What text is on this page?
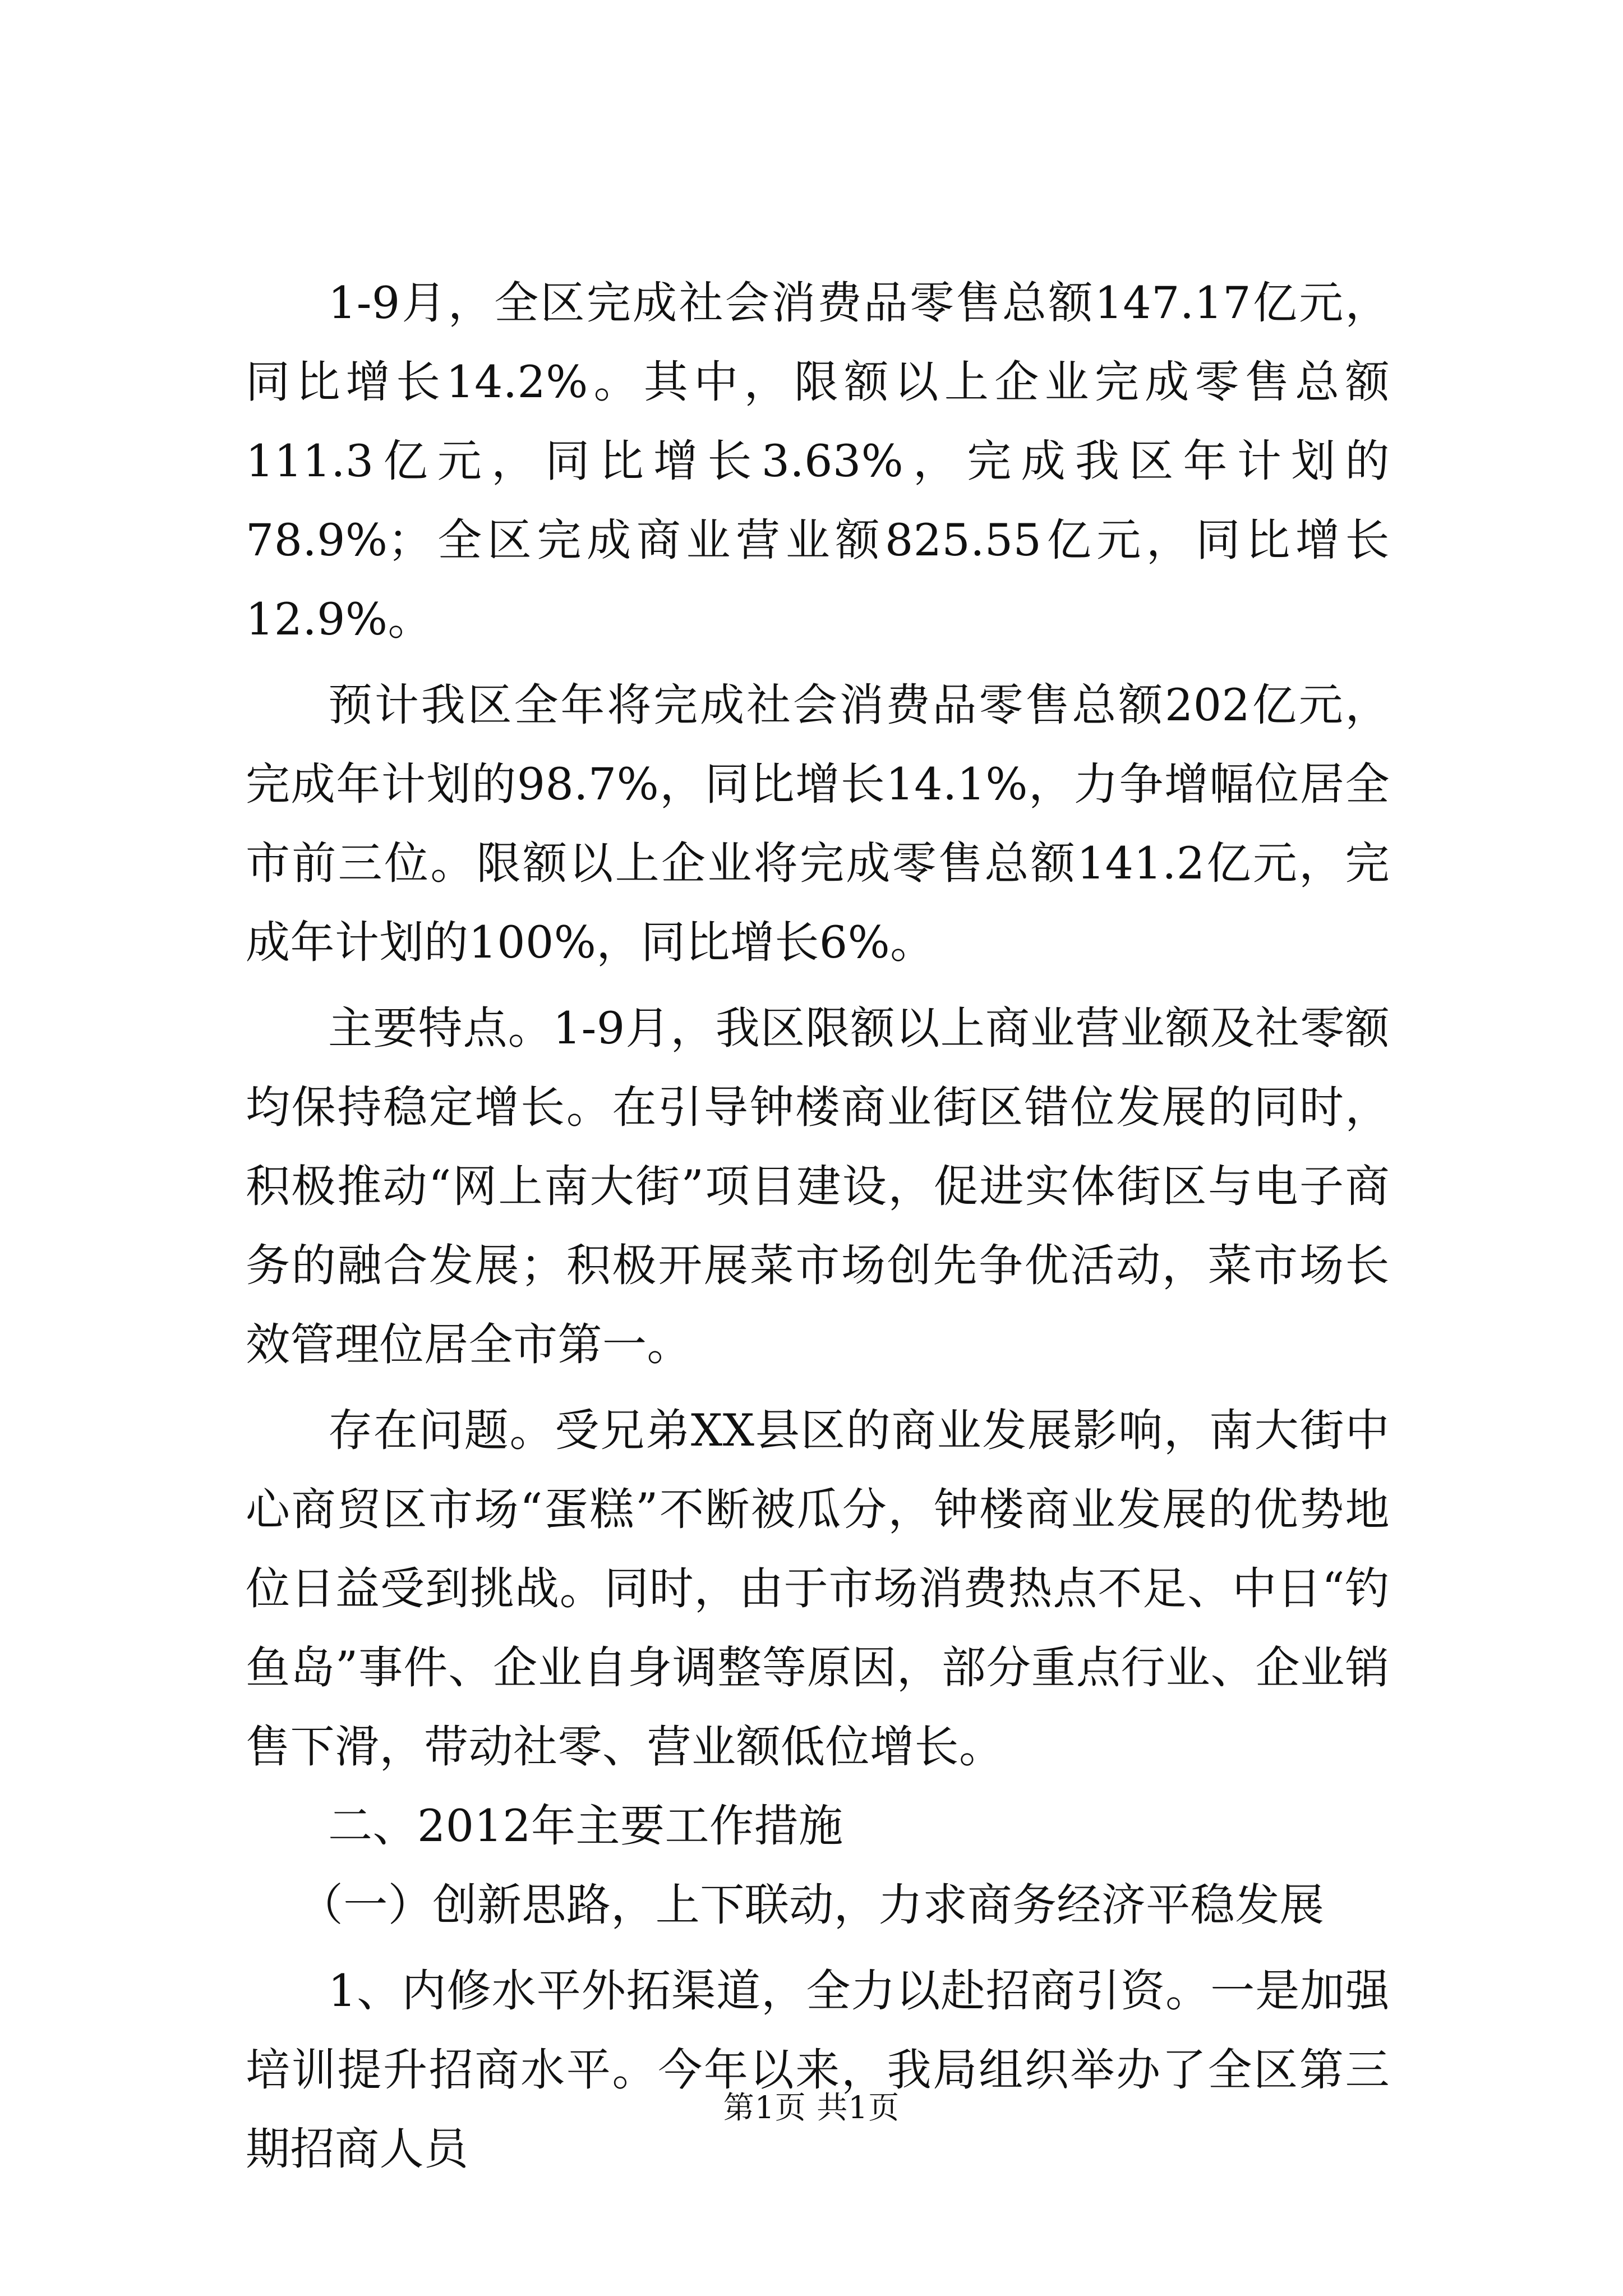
1-9月，全区完成社会消费品零售总额147.17亿元，同比增长14.2%。其中，限额以上企业完成零售总额111.3亿元，同比增长3.63%，完成我区年计划的78.9%；全区完成商业营业额825.55亿元，同比增长12.9%。

预计我区全年将完成社会消费品零售总额202亿元，完成年计划的98.7%，同比增长14.1%，力争增幅位居全市前三位。限额以上企业将完成零售总额141.2亿元，完成年计划的100%，同比增长6%。

主要特点。1-9月，我区限额以上商业营业额及社零额均保持稳定增长。在引导钟楼商业街区错位发展的同时，积极推动“网上南大街”项目建设，促进实体街区与电子商务的融合发展；积极开展菜市场创先争优活动，菜市场长效管理位居全市第一。

存在问题。受兄弟XX县区的商业发展影响，南大街中心商贸区市场“蛋糕”不断被瓜分，钟楼商业发展的优势地位日益受到挑战。同时，由于市场消费热点不足、中日“钓鱼岛”事件、企业自身调整等原因，部分重点行业、企业销售下滑，带动社零、营业额低位增长。

二、2012年主要工作措施

（一）创新思路，上下联动，力求商务经济平稳发展

1、内修水平外拓渠道，全力以赴招商引资。一是加强培训提升招商水平。今年以来，我局组织举办了全区第三期招商人员

第1页 共1页
